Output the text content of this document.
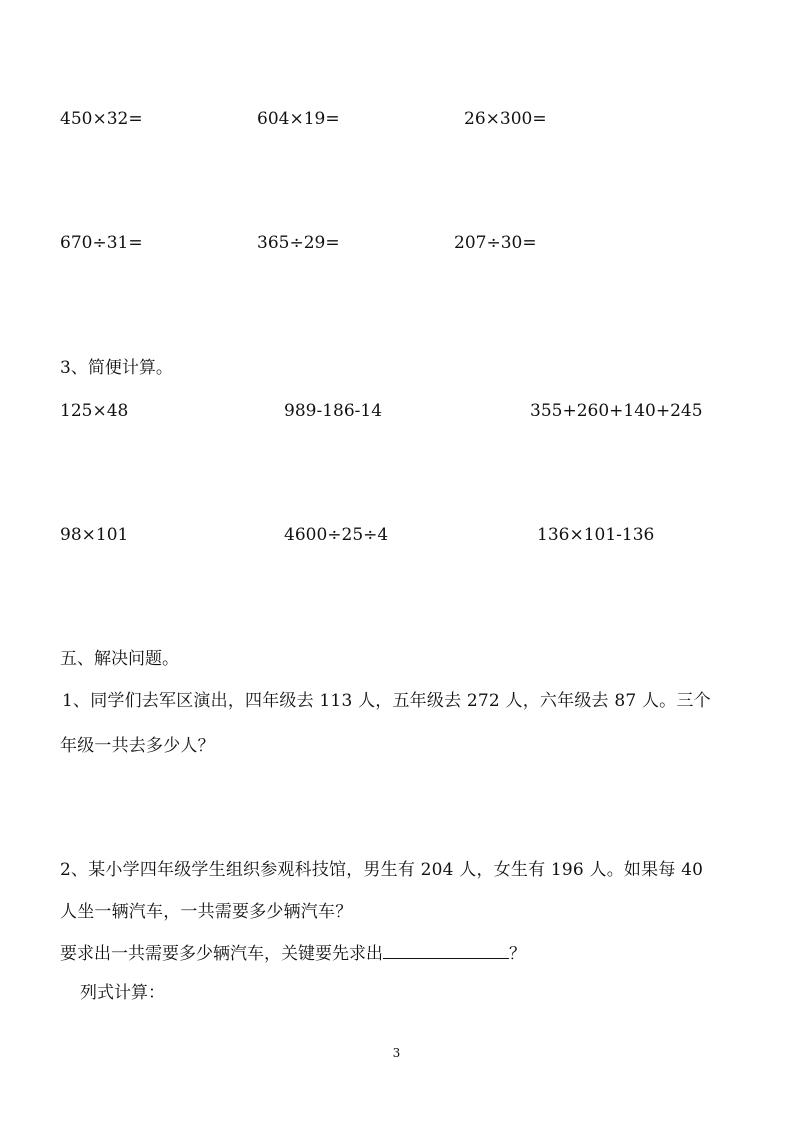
450×32=	604×19=	26×300=
670÷31=	365÷29=	207÷30=
3、简便计算。
125×48	989-186-14	355+260+140+245
98×101	4600÷25÷4	136×101-136
五、解决问题。
1、同学们去军区演出，四年级去 113 人，五年级去 272 人，六年级去 87 人。三个
年级一共去多少人？
2、某小学四年级学生组织参观科技馆，男生有 204 人，女生有 196 人。如果每 40
人坐一辆汽车，一共需要多少辆汽车？
要求出一共需要多少辆汽车，关键要先求出	？
列式计算：
3
